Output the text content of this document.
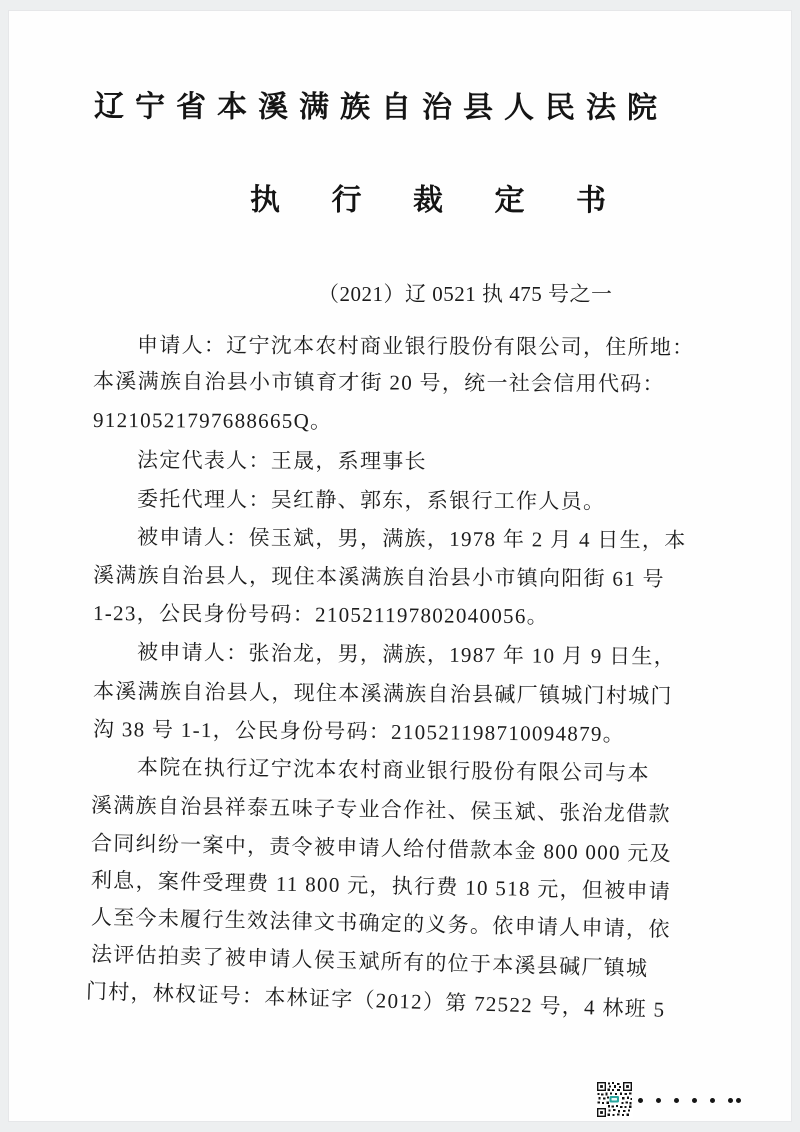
辽宁省本溪满族自治县人民法院
执 行 裁 定 书
（2021）辽 0521 执 475 号之一
申请人：辽宁沈本农村商业银行股份有限公司，住所地：
本溪满族自治县小市镇育才街 20 号，统一社会信用代码：
91210521797688665Q。
法定代表人：王晟，系理事长
委托代理人：吴红静、郭东，系银行工作人员。
被申请人：侯玉斌，男，满族，1978 年 2 月 4 日生，本
溪满族自治县人，现住本溪满族自治县小市镇向阳街 61 号
1-23，公民身份号码：210521197802040056。
被申请人：张治龙，男，满族，1987 年 10 月 9 日生，
本溪满族自治县人，现住本溪满族自治县碱厂镇城门村城门
沟 38 号 1-1，公民身份号码：210521198710094879。
本院在执行辽宁沈本农村商业银行股份有限公司与本
溪满族自治县祥泰五味子专业合作社、侯玉斌、张治龙借款
合同纠纷一案中，责令被申请人给付借款本金 800 000 元及
利息，案件受理费 11 800 元，执行费 10 518 元，但被申请
人至今未履行生效法律文书确定的义务。依申请人申请，依
法评估拍卖了被申请人侯玉斌所有的位于本溪县碱厂镇城
门村，林权证号：本林证字（2012）第 72522 号，4 林班 5
